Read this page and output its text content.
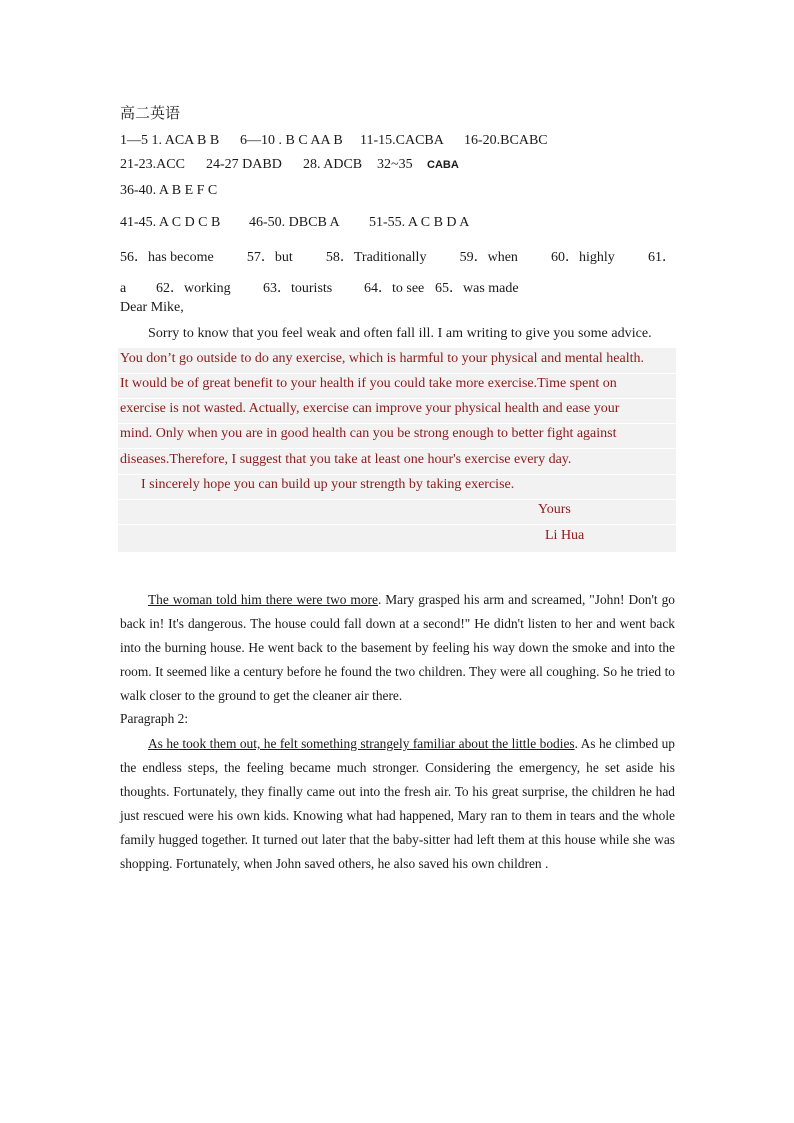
高二英语
1—5 1. ACA B B 6—10 . B C AA B 11-15.CACBA 16-20.BCABC
21-23.ACC 24-27 DABD 28. ADCB 32~35 CABA
36-40. A B E F C
41-45. A C D C B 46-50. DBCB A 51-55. A C B D A
56．has become 57．but 58．Traditionally 59．when 60．highly 61．
a 62．working 63．tourists 64．to see 65．was made
Dear Mike,
Sorry to know that you feel weak and often fall ill. I am writing to give you some advice.
You don’t go outside to do any exercise, which is harmful to your physical and mental health.
It would be of great benefit to your health if you could take more exercise.Time spent on
exercise is not wasted. Actually, exercise can improve your physical health and ease your
mind. Only when you are in good health can you be strong enough to better fight against
diseases.Therefore, I suggest that you take at least one hour's exercise every day.
I sincerely hope you can build up your strength by taking exercise.
Yours
Li Hua

The woman told him there were two more. Mary grasped his arm and screamed, "John! Don't go back in! It's dangerous. The house could fall down at a second!" He didn't listen to her and went back into the burning house. He went back to the basement by feeling his way down the smoke and into the room. It seemed like a century before he found the two children. They were all coughing. So he tried to walk closer to the ground to get the cleaner air there.

Paragraph 2:

As he took them out, he felt something strangely familiar about the little bodies. As he climbed up the endless steps, the feeling became much stronger. Considering the emergency, he set aside his thoughts. Fortunately, they finally came out into the fresh air. To his great surprise, the children he had just rescued were his own kids. Knowing what had happened, Mary ran to them in tears and the whole family hugged together. It turned out later that the baby-sitter had left them at this house while she was shopping. Fortunately, when John saved others, he also saved his own children .
